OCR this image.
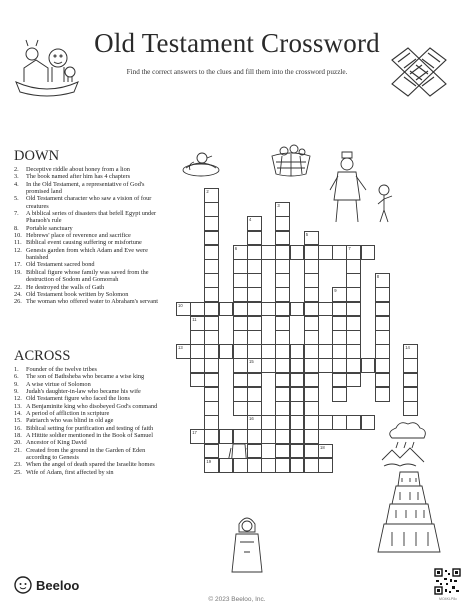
Old Testament Crossword
Find the correct answers to the clues and fill them into the crossword puzzle.
DOWN
2.	Deceptive riddle about honey from a lion
3.	The book named after him has 4 chapters
4.	In the Old Testament, a representative of God's promised land
5.	Old Testament character who saw a vision of four creatures
7.	A biblical series of disasters that befell Egypt under Pharaoh's rule
8.	Portable sanctuary
10. Hebrews' place of reverence and sacrifice
11. Biblical event causing suffering or misfortune
12. Genesis garden from which Adam and Eve were banished
17. Old Testament sacred bond
19. Biblical figure whose family was saved from the destruction of Sodom and Gomorrah
22. He destroyed the walls of Gath
24. Old Testament book written by Solomon
26. The woman who offered water to Abraham's servant
ACROSS
1.	Founder of the twelve tribes
6.	The son of Bathsheba who became a wise king
9.	A wise virtue of Solomon
9.	Judah's daughter-in-law who became his wife
12. Old Testament figure who faced the lions
13. A Benjaminite king who disobeyed God's command
14. A period of affliction in scripture
15. Patriarch who was blind in old age
16. Biblical setting for purification and testing of faith
18. A Hittite soldier mentioned in the Book of Samuel
20. Ancestor of King David
21. Created from the ground in the Garden of Eden according to Genesis
23. When the angel of death spared the Israelite homes
25. Wife of Adam, first affected by sin
6	7
10
13
15
16
19
17
2
4
3
5
9
8
11
14
18
Beeloo
© 2023 Beeloo, Inc.	MO4KLP8c
